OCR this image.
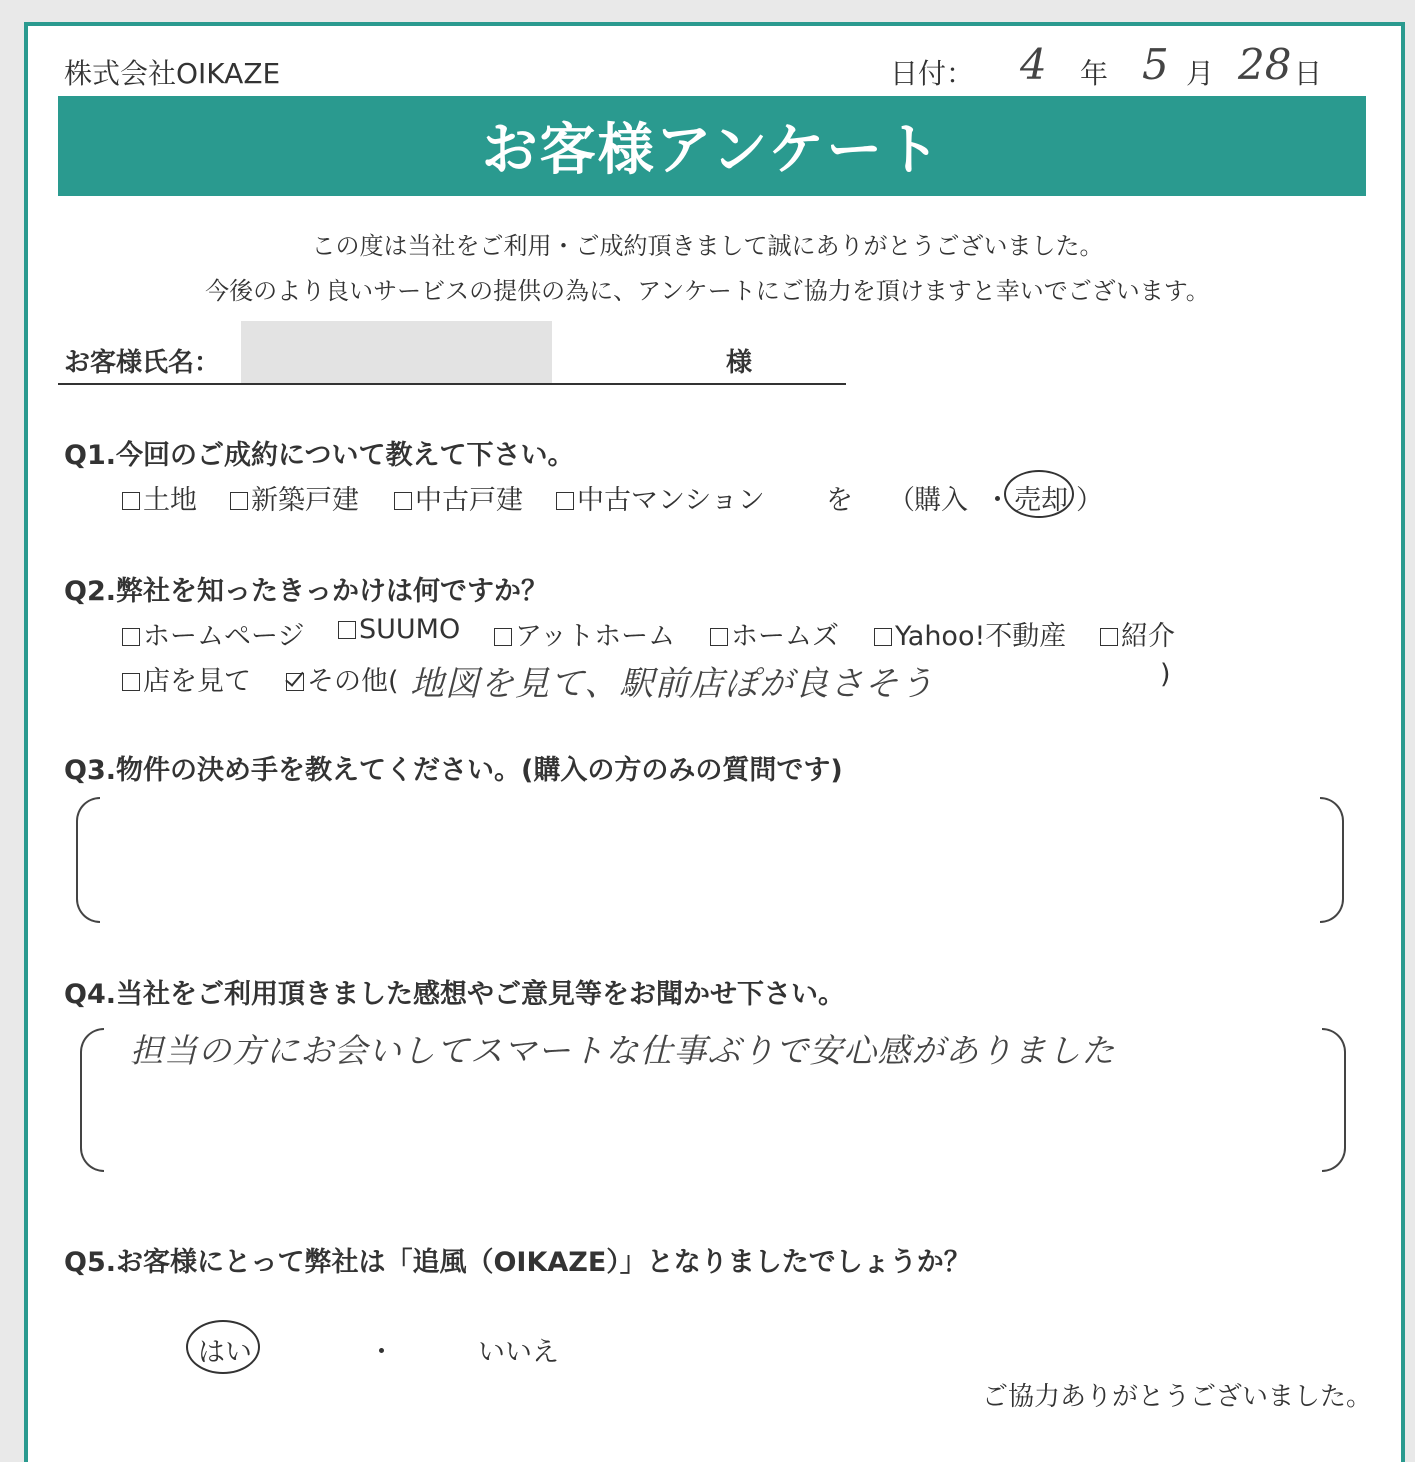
株式会社OIKAZE	日付： 4 年 5 月 28 日
お客様アンケート
この度は当社をご利用・ご成約頂きまして誠にありがとうございました。
今後のより良いサービスの提供の為に、アンケートにご協力を頂けますと幸いでございます。
お客様氏名：	様
Q1.今回のご成約について教えて下さい。
土地	新築戸建	中古戸建	中古マンション を （ 購入 ・ 売却 ）
Q2.弊社を知ったきっかけは何ですか？
ホームページ	SUUMO	アットホーム	ホームズ	Yahoo!不動産	紹介
店を見て	その他( 地図を見て、駅前店ぽが良さそう	)
Q3.物件の決め手を教えてください。(購入の方のみの質問です)
Q4.当社をご利用頂きました感想やご意見等をお聞かせ下さい。
担当の方にお会いしてスマートな仕事ぶりで安心感がありました
Q5.お客様にとって弊社は「追風（OIKAZE）」となりましたでしょうか？
はい	・	いいえ
ご協力ありがとうございました。
